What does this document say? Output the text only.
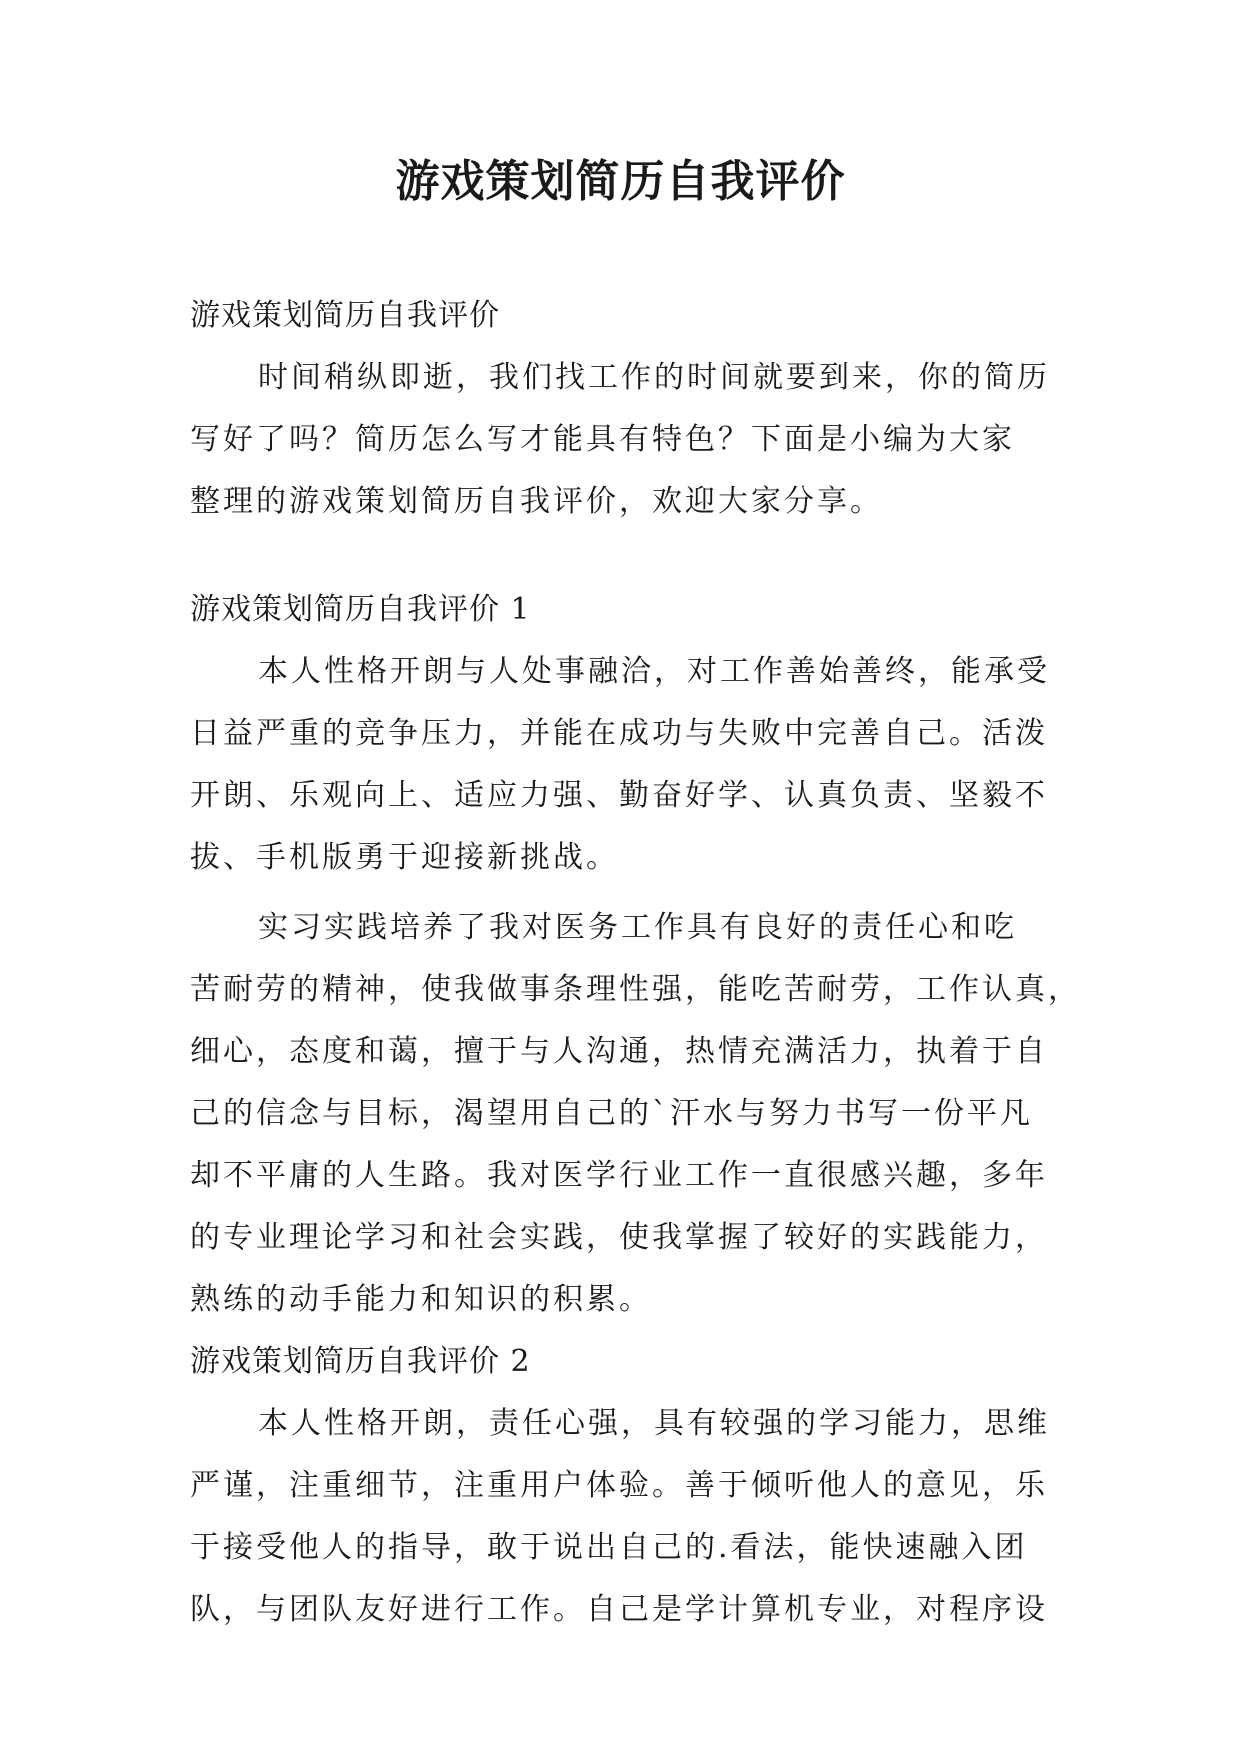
游戏策划简历自我评价
游戏策划简历自我评价
时间稍纵即逝，我们找工作的时间就要到来，你的简历
写好了吗？简历怎么写才能具有特色？下面是小编为大家
整理的游戏策划简历自我评价，欢迎大家分享。
游戏策划简历自我评价 1
本人性格开朗与人处事融洽，对工作善始善终，能承受
日益严重的竞争压力，并能在成功与失败中完善自己。活泼
开朗、乐观向上、适应力强、勤奋好学、认真负责、坚毅不
拔、手机版勇于迎接新挑战。
实习实践培养了我对医务工作具有良好的责任心和吃
苦耐劳的精神，使我做事条理性强，能吃苦耐劳，工作认真，
细心，态度和蔼，擅于与人沟通，热情充满活力，执着于自
己的信念与目标，渴望用自己的`汗水与努力书写一份平凡
却不平庸的人生路。我对医学行业工作一直很感兴趣，多年
的专业理论学习和社会实践，使我掌握了较好的实践能力，
熟练的动手能力和知识的积累。
游戏策划简历自我评价 2
本人性格开朗，责任心强，具有较强的学习能力，思维
严谨，注重细节，注重用户体验。善于倾听他人的意见，乐
于接受他人的指导，敢于说出自己的.看法，能快速融入团
队，与团队友好进行工作。自己是学计算机专业，对程序设
